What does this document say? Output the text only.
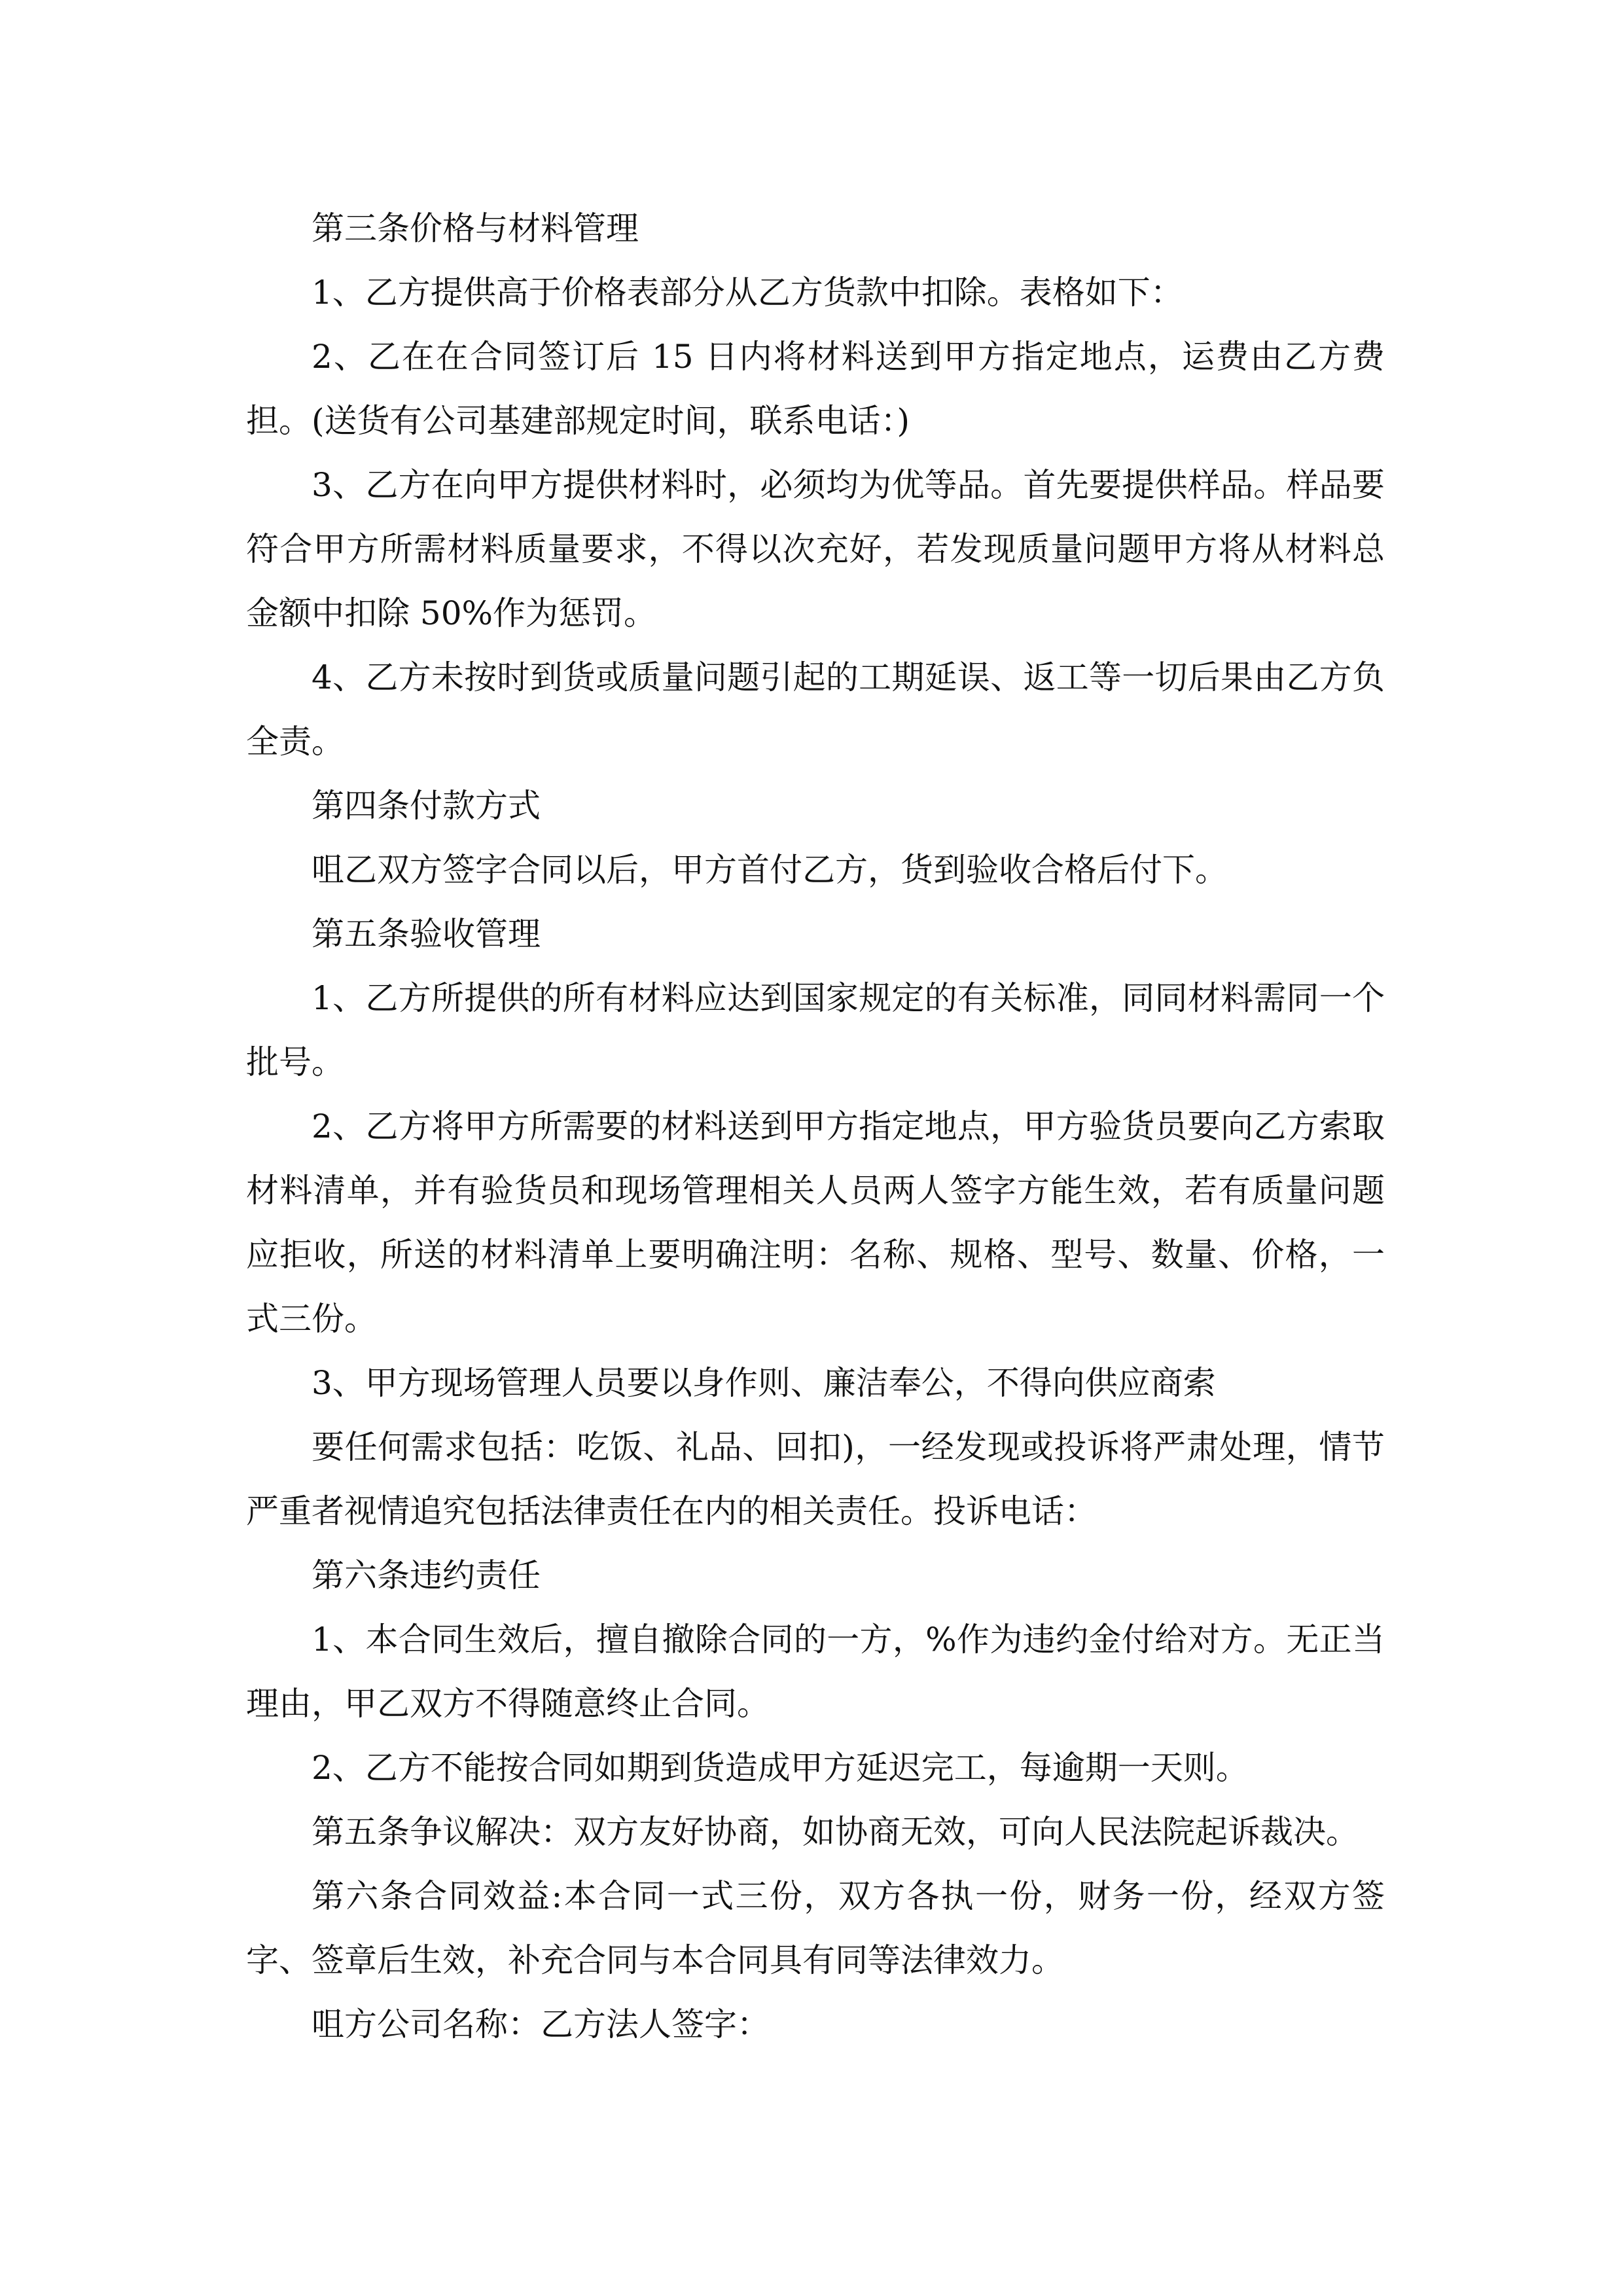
第三条价格与材料管理

1、乙方提供高于价格表部分从乙方货款中扣除。表格如下：

2、乙在在合同签订后 15 日内将材料送到甲方指定地点，运费由乙方费担。(送货有公司基建部规定时间，联系电话：)

3、乙方在向甲方提供材料时，必须均为优等品。首先要提供样品。样品要符合甲方所需材料质量要求，不得以次充好，若发现质量问题甲方将从材料总金额中扣除 50%作为惩罚。

4、乙方未按时到货或质量问题引起的工期延误、返工等一切后果由乙方负全责。

第四条付款方式

咀乙双方签字合同以后，甲方首付乙方，货到验收合格后付下。

第五条验收管理

1、乙方所提供的所有材料应达到国家规定的有关标准，同同材料需同一个批号。

2、乙方将甲方所需要的材料送到甲方指定地点，甲方验货员要向乙方索取材料清单，并有验货员和现场管理相关人员两人签字方能生效，若有质量问题应拒收，所送的材料清单上要明确注明：名称、规格、型号、数量、价格，一式三份。

3、甲方现场管理人员要以身作则、廉洁奉公，不得向供应商索

要任何需求包括：吃饭、礼品、回扣)，一经发现或投诉将严肃处理，情节严重者视情追究包括法律责任在内的相关责任。投诉电话：

第六条违约责任

1、本合同生效后，擅自撤除合同的一方，%作为违约金付给对方。无正当理由，甲乙双方不得随意终止合同。

2、乙方不能按合同如期到货造成甲方延迟完工，每逾期一天则。

第五条争议解决：双方友好协商，如协商无效，可向人民法院起诉裁决。

第六条合同效益:本合同一式三份，双方各执一份，财务一份，经双方签字、签章后生效，补充合同与本合同具有同等法律效力。

咀方公司名称：乙方法人签字：
